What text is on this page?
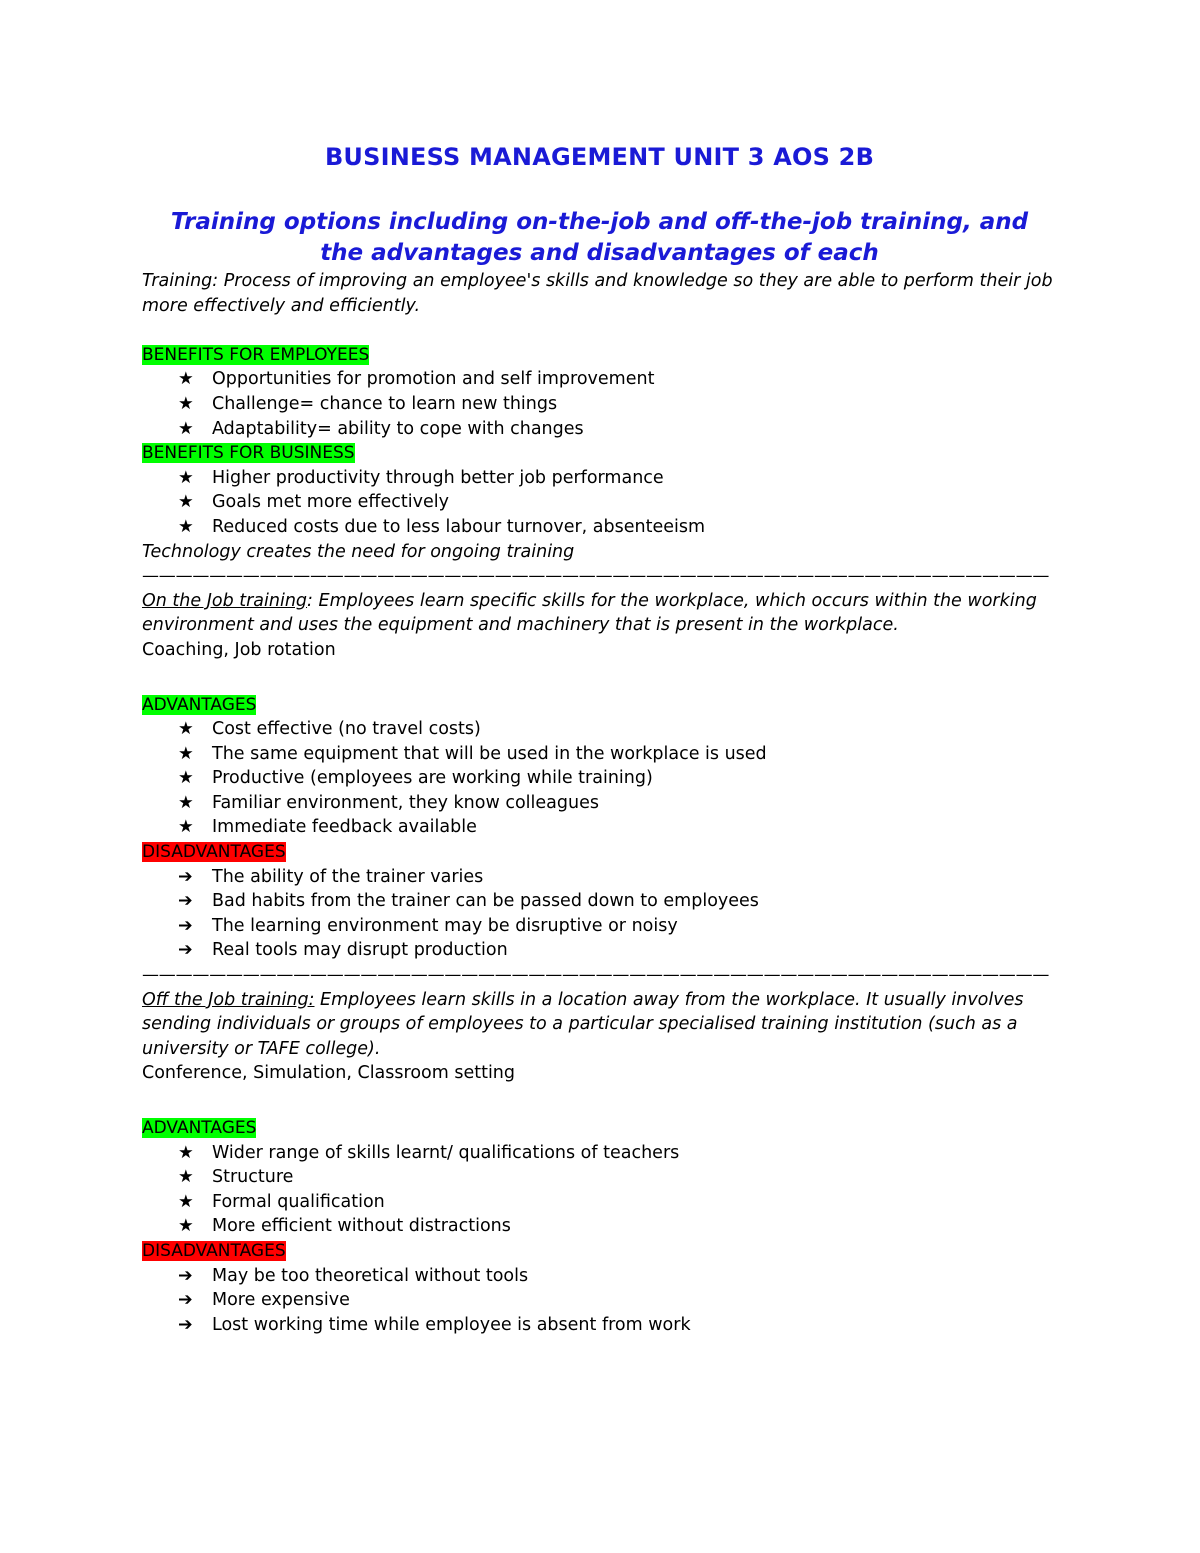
BUSINESS MANAGEMENT UNIT 3 AOS 2B
Training options including on-the-job and off-the-job training, and
the advantages and disadvantages of each

Training: Process of improving an employee's skills and knowledge so they are able to perform their job more effectively and efficiently.

BENEFITS FOR EMPLOYEES

★ Opportunities for promotion and self improvement
★ Challenge= chance to learn new things
★ Adaptability= ability to cope with changes

BENEFITS FOR BUSINESS

★ Higher productivity through better job performance
★ Goals met more effectively
★ Reduced costs due to less labour turnover, absenteeism

Technology creates the need for ongoing training

——————————————————————————————————————————————————————

On the Job training: Employees learn specific skills for the workplace, which occurs within the working environment and uses the equipment and machinery that is present in the workplace.

Coaching, Job rotation

ADVANTAGES

★ Cost effective (no travel costs)
★ The same equipment that will be used in the workplace is used
★ Productive (employees are working while training)
★ Familiar environment, they know colleagues
★ Immediate feedback available

DISADVANTAGES

➔	The ability of the trainer varies
➔	Bad habits from the trainer can be passed down to employees
➔	The learning environment may be disruptive or noisy
➔	Real tools may disrupt production

——————————————————————————————————————————————————————

Off the Job training: Employees learn skills in a location away from the workplace. It usually involves sending individuals or groups of employees to a particular specialised training institution (such as a university or TAFE college).

Conference, Simulation, Classroom setting

ADVANTAGES

★ Wider range of skills learnt/ qualifications of teachers
★ Structure
★ Formal qualification
★ More efficient without distractions

DISADVANTAGES

➔	May be too theoretical without tools
➔	More expensive
➔	Lost working time while employee is absent from work
